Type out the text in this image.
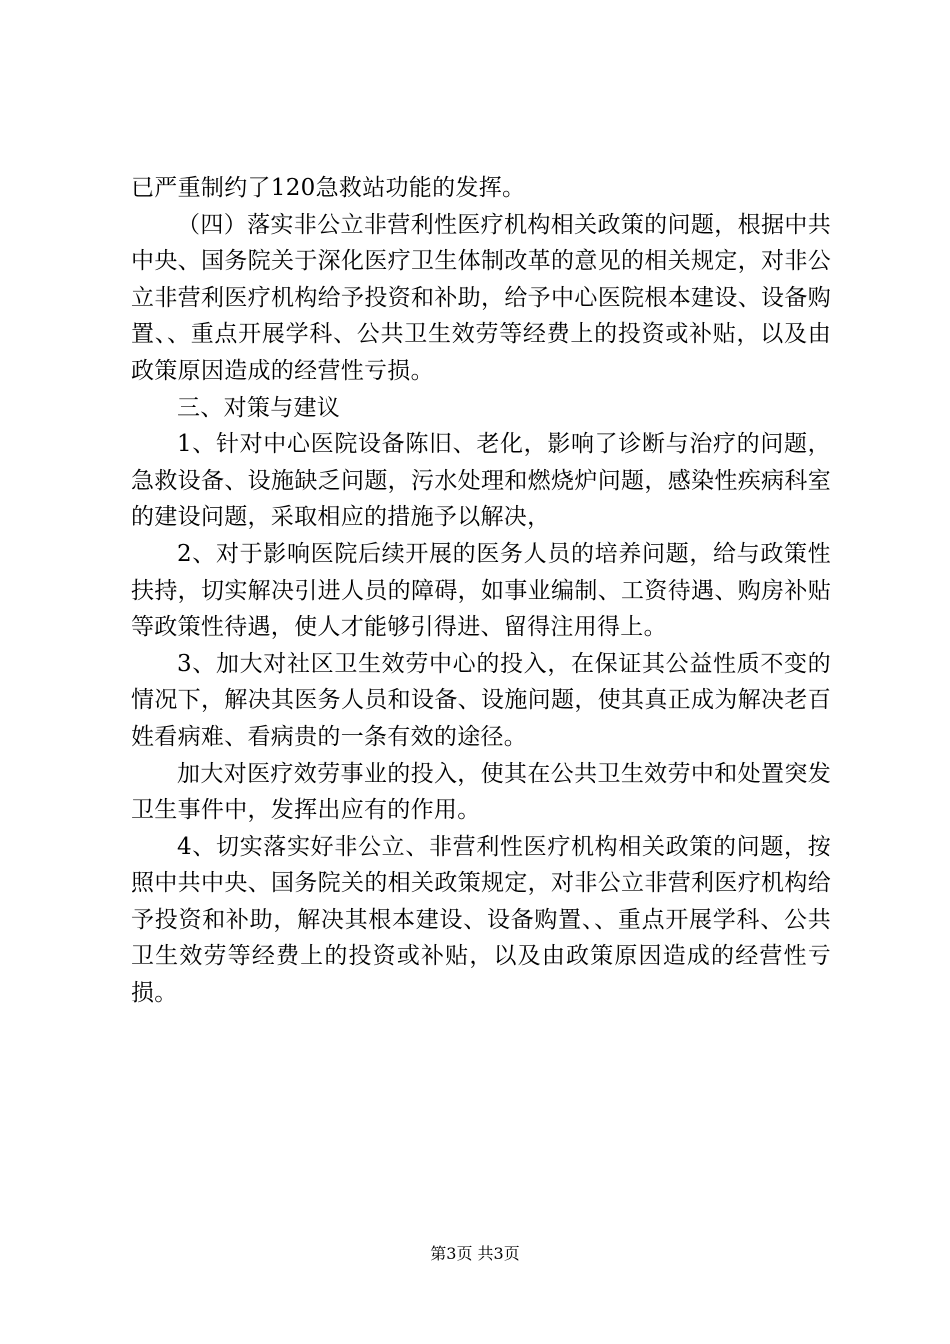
已严重制约了120急救站功能的发挥。

（四）落实非公立非营利性医疗机构相关政策的问题，根据中共中央、国务院关于深化医疗卫生体制改革的意见的相关规定，对非公立非营利医疗机构给予投资和补助，给予中心医院根本建设、设备购置、、重点开展学科、公共卫生效劳等经费上的投资或补贴，以及由政策原因造成的经营性亏损。

三、对策与建议

1、针对中心医院设备陈旧、老化，影响了诊断与治疗的问题，急救设备、设施缺乏问题，污水处理和燃烧炉问题，感染性疾病科室的建设问题，采取相应的措施予以解决，

2、对于影响医院后续开展的医务人员的培养问题，给与政策性扶持，切实解决引进人员的障碍，如事业编制、工资待遇、购房补贴等政策性待遇，使人才能够引得进、留得注用得上。

3、加大对社区卫生效劳中心的投入，在保证其公益性质不变的情况下，解决其医务人员和设备、设施问题，使其真正成为解决老百姓看病难、看病贵的一条有效的途径。

加大对医疗效劳事业的投入，使其在公共卫生效劳中和处置突发卫生事件中，发挥出应有的作用。

4、切实落实好非公立、非营利性医疗机构相关政策的问题，按照中共中央、国务院关的相关政策规定，对非公立非营利医疗机构给予投资和补助，解决其根本建设、设备购置、、重点开展学科、公共卫生效劳等经费上的投资或补贴，以及由政策原因造成的经营性亏损。

第3页 共3页
